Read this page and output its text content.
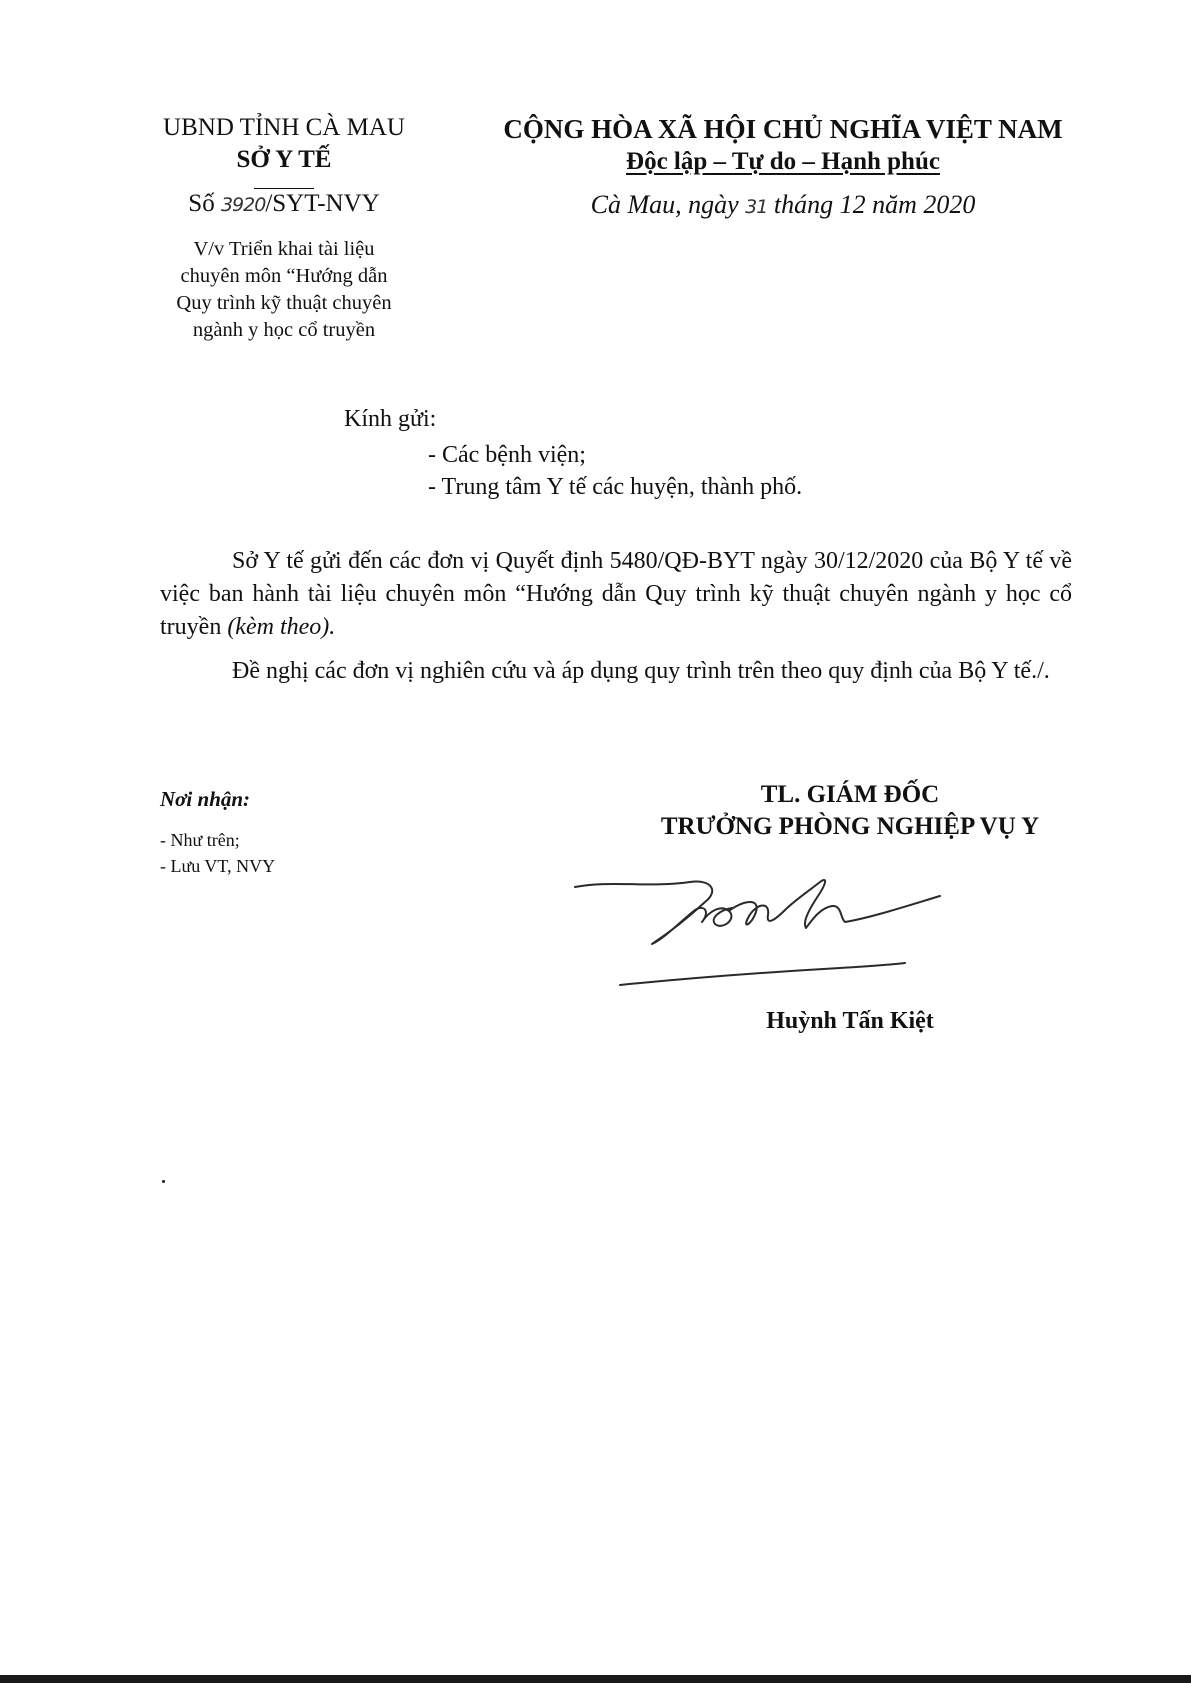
UBND TỈNH CÀ MAU
SỞ Y TẾ
CỘNG HÒA XÃ HỘI CHỦ NGHĨA VIỆT NAM
Độc lập – Tự do – Hạnh phúc
Số 3920/SYT-NVY	Cà Mau, ngày 31 tháng 12 năm 2020
V/v Triển khai tài liệu
chuyên môn “Hướng dẫn
Quy trình kỹ thuật chuyên
ngành y học cổ truyền
Kính gửi:
- Các bệnh viện;
- Trung tâm Y tế các huyện, thành phố.
Sở Y tế gửi đến các đơn vị Quyết định 5480/QĐ-BYT ngày 30/12/2020 của Bộ Y tế về việc ban hành tài liệu chuyên môn “Hướng dẫn Quy trình kỹ thuật chuyên ngành y học cổ truyền (kèm theo).
Đề nghị các đơn vị nghiên cứu và áp dụng quy trình trên theo quy định của Bộ Y tế./.
Nơi nhận:
- Như trên;
- Lưu VT, NVY
TL. GIÁM ĐỐC
TRƯỞNG PHÒNG NGHIỆP VỤ Y
Huỳnh Tấn Kiệt
